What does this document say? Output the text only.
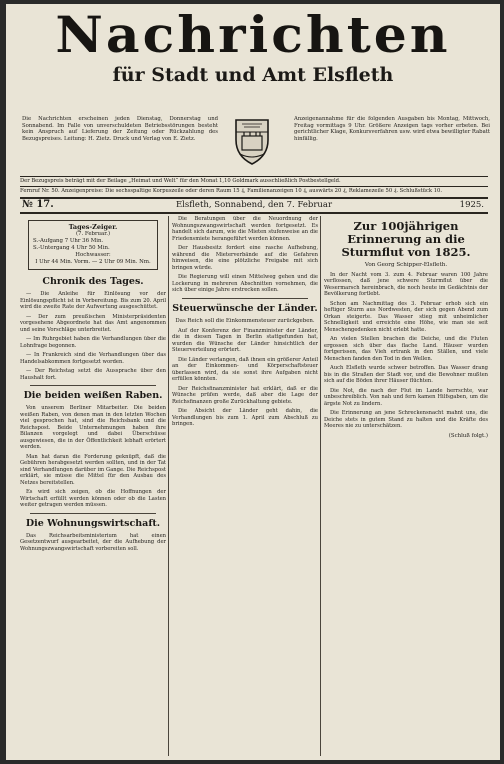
Nachrichten
für Stadt und Amt Elsfleth
Die Nachrichten erscheinen jeden Dienstag, Donnerstag und Sonnabend. Im Falle von unverschuldeten Betriebsstörungen besteht kein Anspruch auf Lieferung der Zeitung oder Rückzahlung des Bezugspreises. Leitung: H. Zietz. Druck und Verlag von E. Zietz.
Anzeigenannahme für die folgenden Ausgaben bis Montag, Mittwoch, Freitag vormittags 9 Uhr. Größere Anzeigen tags vorher erbeten. Bei gerichtlicher Klage, Konkursverfahren usw. wird etwa bewilligter Rabatt hinfällig.
Der Bezugspreis beträgt mit der Beilage „Heimat und Welt“ für den Monat 1,10 Goldmark ausschließlich Postbestellgeld.
Fernruf Nr. 50. Anzeigenpreise: Die sechsspaltige Korpuszeile oder deren Raum 15 ₰, Familienanzeigen 10 ₰, auswärts 20 ₰, Reklamezeile 50 ₰. Schlußstück 10.
№ 17.	Elsfleth, Sonnabend, den 7. Februar	1925.
Tages-Zeiger.
(7. Februar.)
S.-Aufgang 7 Uhr 36 Min.
S.-Untergang 4 Uhr 50 Min.
Hochwasser:
I Uhr 44 Min. Vorm. — 2 Uhr 09 Min. Nm.
Chronik des Tages.

— Die Anleihe für Einlösung vor der Einlösungspflicht ist in Vorbereitung. Bis zum 20. April wird die zweite Rate der Aufwertung ausgeschüttet.

— Der zum preußischen Ministerpräsidenten vorgesehene Abgeordnete hat das Amt angenommen und seine Vorschläge unterbreitet.

— Im Ruhrgebiet haben die Verhandlungen über die Lohnfrage begonnen.

— In Frankreich sind die Verhandlungen über das Handelsabkommen fortgesetzt worden.

— Der Reichstag setzt die Aussprache über den Haushalt fort.

Die beiden weißen Raben.

Von unserem Berliner Mitarbeiter. Die beiden weißen Raben, von denen man in den letzten Wochen viel gesprochen hat, sind die Reichsbank und die Reichspost. Beide Unternehmungen haben ihre Bilanzen vorgelegt und dabei Überschüsse ausgewiesen, die in der Öffentlichkeit lebhaft erörtert werden.

Man hat daran die Forderung geknüpft, daß die Gebühren herabgesetzt werden sollten, und in der Tat sind Verhandlungen darüber im Gange. Die Reichspost erklärt, sie müsse die Mittel für den Ausbau des Netzes bereitstellen.

Es wird sich zeigen, ob die Hoffnungen der Wirtschaft erfüllt werden können oder ob die Lasten weiter getragen werden müssen.

Die Wohnungswirtschaft.

Das Reichsarbeitsministerium hat einen Gesetzentwurf ausgearbeitet, der die Aufhebung der Wohnungszwangswirtschaft vorbereiten soll.

Die Beratungen über die Neuordnung der Wohnungszwangswirtschaft werden fortgesetzt. Es handelt sich darum, wie die Mieten stufenweise an die Friedensmiete herangeführt werden können.

Der Hausbesitz fordert eine rasche Aufhebung, während die Mieterverbände auf die Gefahren hinweisen, die eine plötzliche Freigabe mit sich bringen würde.

Die Regierung will einen Mittelweg gehen und die Lockerung in mehreren Abschnitten vornehmen, die sich über einige Jahre erstrecken sollen.

Steuerwünsche der Länder.
Das Reich soll die Einkommensteuer zurückgeben.

Auf der Konferenz der Finanzminister der Länder, die in diesen Tagen in Berlin stattgefunden hat, wurden die Wünsche der Länder hinsichtlich der Steuerverteilung erörtert.

Die Länder verlangen, daß ihnen ein größerer Anteil an der Einkommen- und Körperschaftsteuer überlassen wird, da sie sonst ihre Aufgaben nicht erfüllen könnten.

Der Reichsfinanzminister hat erklärt, daß er die Wünsche prüfen werde, daß aber die Lage der Reichsfinanzen große Zurückhaltung gebiete.

Die Absicht der Länder geht dahin, die Verhandlungen bis zum 1. April zum Abschluß zu bringen.

Zur 100jährigen Erinnerung an die Sturmflut von 1825.
Von Georg Schipper-Elsfleth.

In der Nacht vom 3. zum 4. Februar waren 100 Jahre verflossen, daß jene schwere Sturmflut über die Wesermarsch hereinbrach, die noch heute im Gedächtnis der Bevölkerung fortlebt.

Schon am Nachmittag des 3. Februar erhob sich ein heftiger Sturm aus Nordwesten, der sich gegen Abend zum Orkan steigerte. Das Wasser stieg mit unheimlicher Schnelligkeit und erreichte eine Höhe, wie man sie seit Menschengedenken nicht erlebt hatte.

An vielen Stellen brachen die Deiche, und die Fluten ergossen sich über das flache Land. Häuser wurden fortgerissen, das Vieh ertrank in den Ställen, und viele Menschen fanden den Tod in den Wellen.

Auch Elsfleth wurde schwer betroffen. Das Wasser drang bis in die Straßen der Stadt vor, und die Bewohner mußten sich auf die Böden ihrer Häuser flüchten.

Die Not, die nach der Flut im Lande herrschte, war unbeschreiblich. Von nah und fern kamen Hilfsgaben, um die ärgste Not zu lindern.

Die Erinnerung an jene Schreckensnacht mahnt uns, die Deiche stets in gutem Stand zu halten und die Kräfte des Meeres nie zu unterschätzen.

(Schluß folgt.)
